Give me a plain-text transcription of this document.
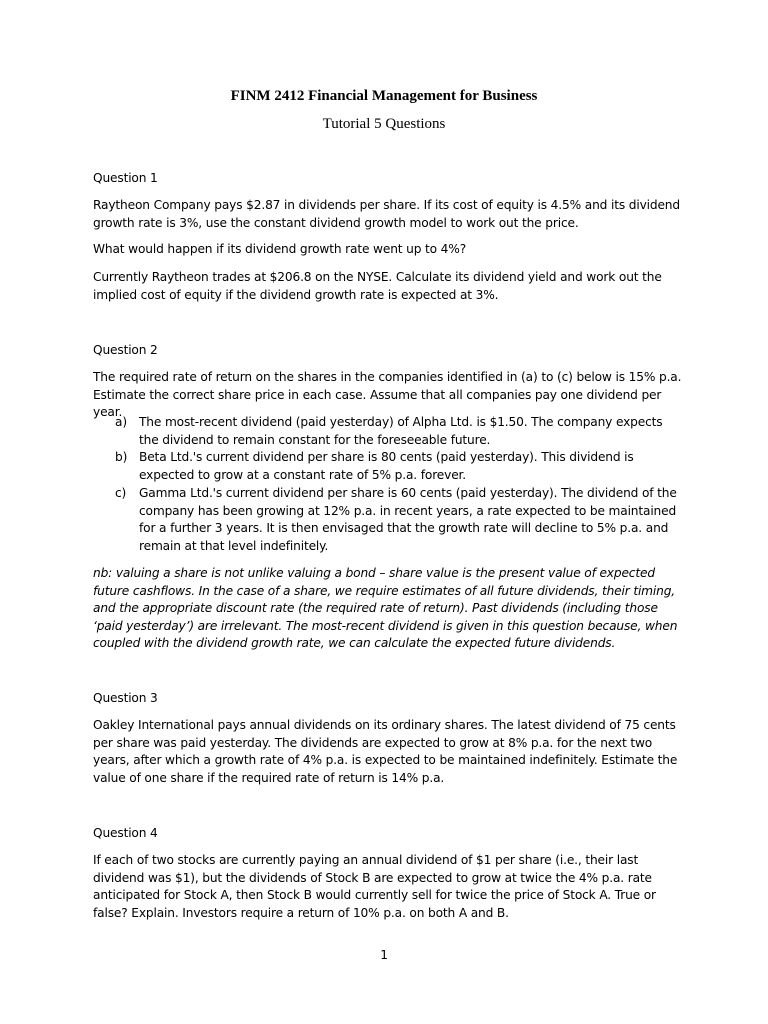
FINM 2412 Financial Management for Business
Tutorial 5 Questions

Question 1

Raytheon Company pays $2.87 in dividends per share. If its cost of equity is 4.5% and its dividend growth rate is 3%, use the constant dividend growth model to work out the price.

What would happen if its dividend growth rate went up to 4%?

Currently Raytheon trades at $206.8 on the NYSE. Calculate its dividend yield and work out the implied cost of equity if the dividend growth rate is expected at 3%.

Question 2

The required rate of return on the shares in the companies identified in (a) to (c) below is 15% p.a. Estimate the correct share price in each case. Assume that all companies pay one dividend per year.

a) The most-recent dividend (paid yesterday) of Alpha Ltd. is $1.50. The company expects the dividend to remain constant for the foreseeable future.
b) Beta Ltd.'s current dividend per share is 80 cents (paid yesterday). This dividend is expected to grow at a constant rate of 5% p.a. forever.
c) Gamma Ltd.'s current dividend per share is 60 cents (paid yesterday). The dividend of the company has been growing at 12% p.a. in recent years, a rate expected to be maintained for a further 3 years. It is then envisaged that the growth rate will decline to 5% p.a. and remain at that level indefinitely.

nb: valuing a share is not unlike valuing a bond – share value is the present value of expected future cashflows. In the case of a share, we require estimates of all future dividends, their timing, and the appropriate discount rate (the required rate of return). Past dividends (including those ‘paid yesterday’) are irrelevant. The most-recent dividend is given in this question because, when coupled with the dividend growth rate, we can calculate the expected future dividends.

Question 3

Oakley International pays annual dividends on its ordinary shares. The latest dividend of 75 cents per share was paid yesterday. The dividends are expected to grow at 8% p.a. for the next two years, after which a growth rate of 4% p.a. is expected to be maintained indefinitely. Estimate the value of one share if the required rate of return is 14% p.a.

Question 4

If each of two stocks are currently paying an annual dividend of $1 per share (i.e., their last dividend was $1), but the dividends of Stock B are expected to grow at twice the 4% p.a. rate anticipated for Stock A, then Stock B would currently sell for twice the price of Stock A. True or false? Explain. Investors require a return of 10% p.a. on both A and B.

1
